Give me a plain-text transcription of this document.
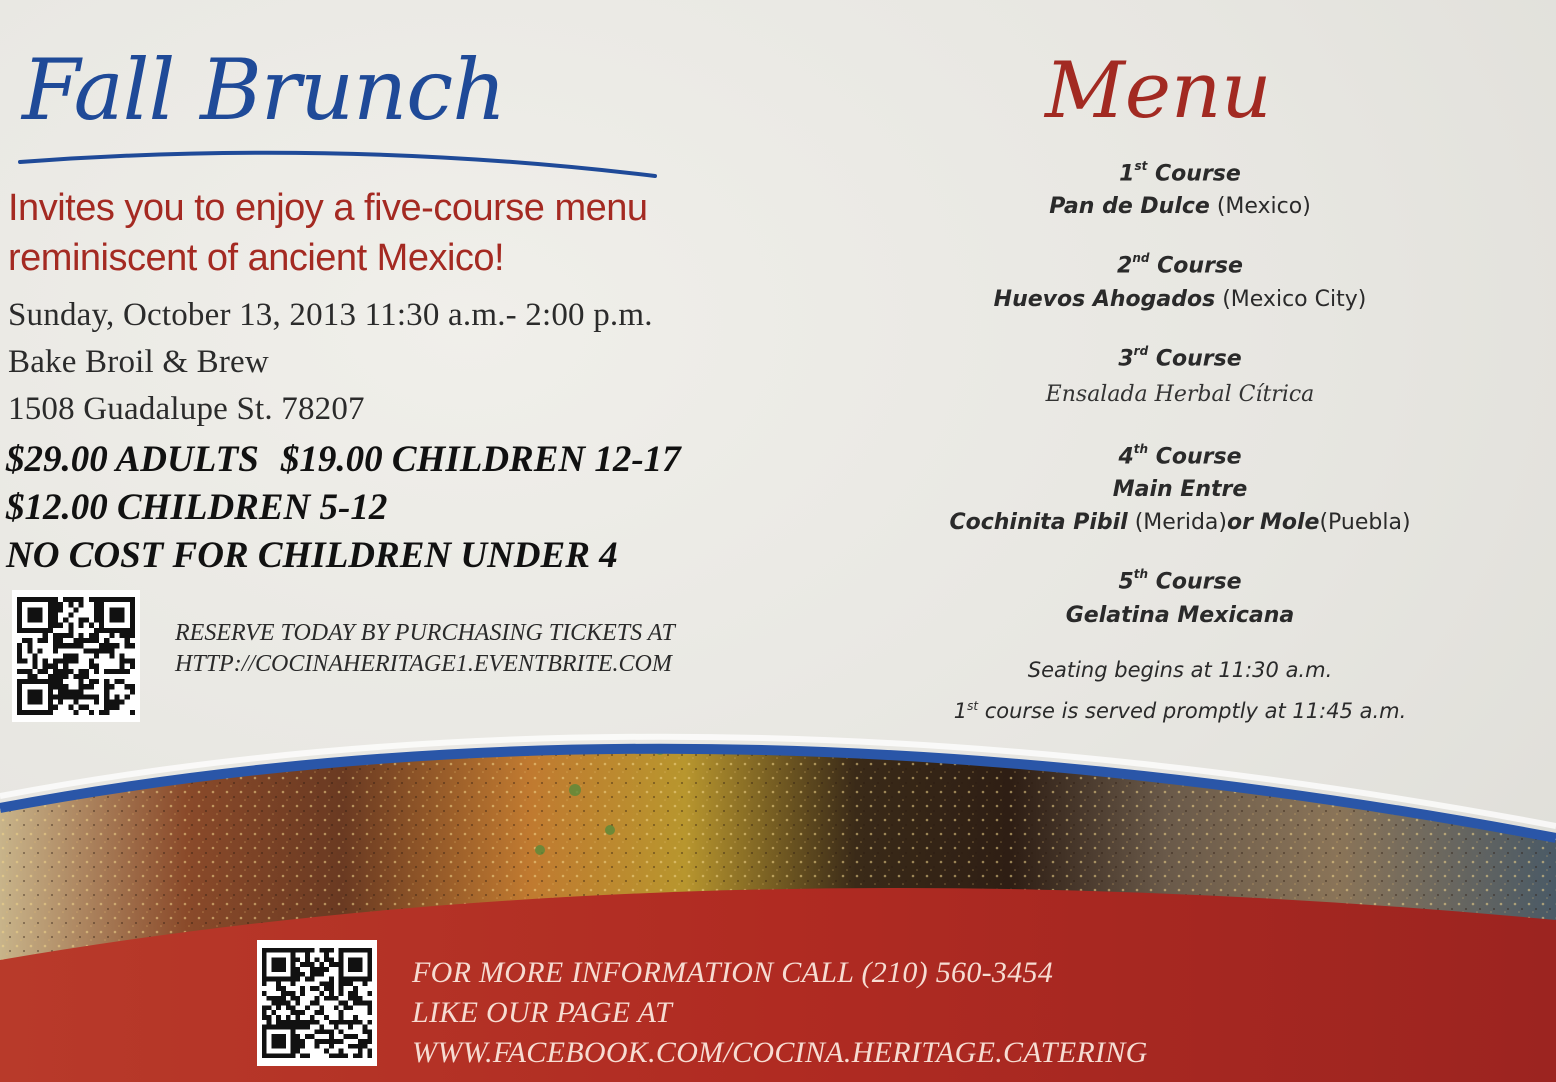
Fall Brunch
Invites you to enjoy a five-course menu
reminiscent of ancient Mexico!
Sunday, October 13, 2013 11:30 a.m.- 2:00 p.m.
Bake Broil & Brew
1508 Guadalupe St. 78207
$29.00 ADULTS $19.00 CHILDREN 12-17
$12.00 CHILDREN 5-12
NO COST FOR CHILDREN UNDER 4
RESERVE TODAY BY PURCHASING TICKETS AT
HTTP://COCINAHERITAGE1.EVENTBRITE.COM
Menu
1st Course
Pan de Dulce (Mexico)
2nd Course
Huevos Ahogados (Mexico City)
3rd Course
Ensalada Herbal Cítrica
4th Course
Main Entre
Cochinita Pibil (Merida)or Mole(Puebla)
5th Course
Gelatina Mexicana
Seating begins at 11:30 a.m.
1st course is served promptly at 11:45 a.m.
FOR MORE INFORMATION CALL (210) 560-3454
LIKE OUR PAGE AT
WWW.FACEBOOK.COM/COCINA.HERITAGE.CATERING
